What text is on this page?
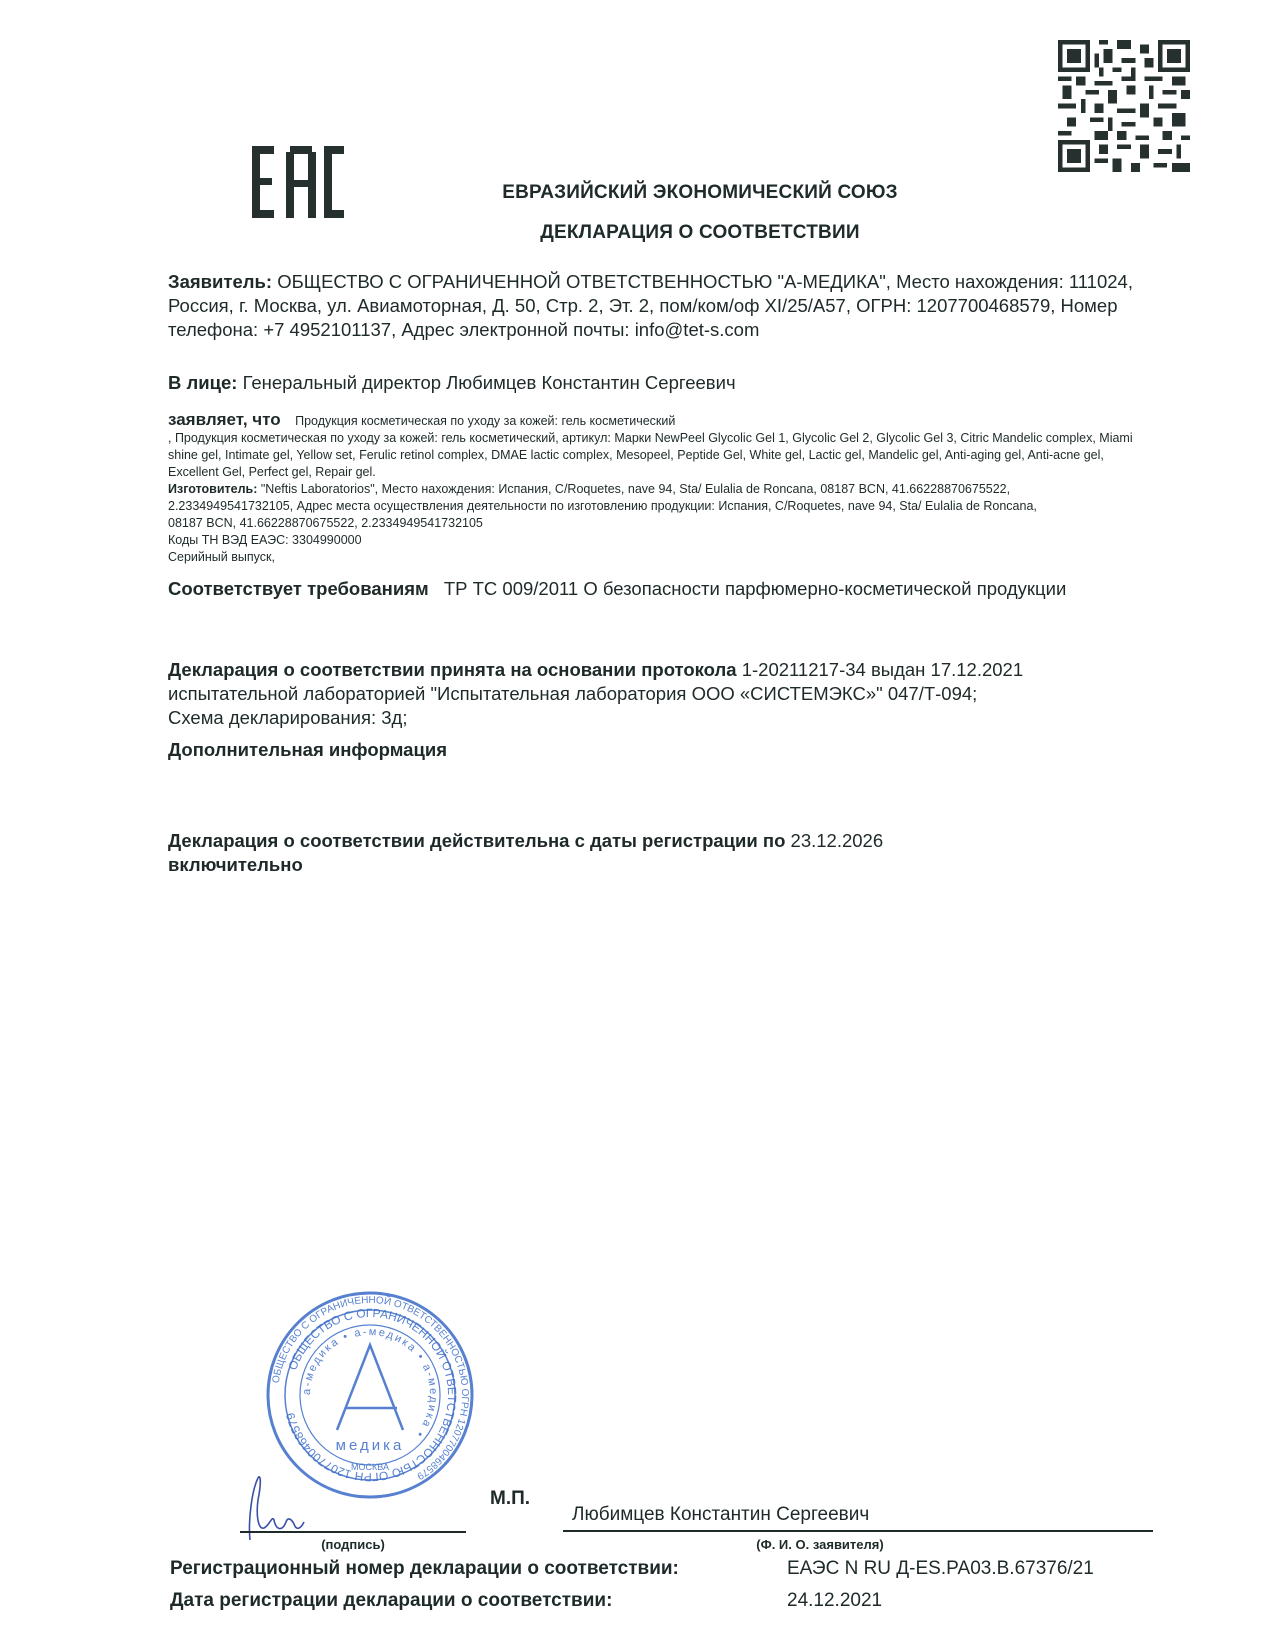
ЕВРАЗИЙСКИЙ ЭКОНОМИЧЕСКИЙ СОЮЗ
ДЕКЛАРАЦИЯ О СООТВЕТСТВИИ
Заявитель: ОБЩЕСТВО С ОГРАНИЧЕННОЙ ОТВЕТСТВЕННОСТЬЮ "А-МЕДИКА", Место нахождения: 111024, Россия, г. Москва, ул. Авиамоторная, Д. 50, Стр. 2, Эт. 2, пом/ком/оф XI/25/А57, ОГРН: 1207700468579, Номер телефона: +7 4952101137, Адрес электронной почты: info@tet-s.com
В лице: Генеральный директор Любимцев Константин Сергеевич
заявляет, что Продукция косметическая по уходу за кожей: гель косметический
, Продукция косметическая по уходу за кожей: гель косметический, артикул: Марки NewPeel Glycolic Gel 1, Glycolic Gel 2, Glycolic Gel 3, Citric Mandelic complex, Miami shine gel, Intimate gel, Yellow set, Ferulic retinol complex, DMAE lactic complex, Mesopeel, Peptide Gel, White gel, Lactic gel, Mandelic gel, Anti-aging gel, Anti-acne gel, Excellent Gel, Perfect gel, Repair gel.
Изготовитель: "Neftis Laboratorios", Место нахождения: Испания, C/Roquetes, nave 94, Sta/ Eulalia de Roncana, 08187 BCN, 41.66228870675522, 2.2334949541732105, Адрес места осуществления деятельности по изготовлению продукции: Испания, C/Roquetes, nave 94, Sta/ Eulalia de Roncana, 08187 BCN, 41.66228870675522, 2.2334949541732105
Коды ТН ВЭД ЕАЭС: 3304990000
Серийный выпуск,
Соответствует требованиям ТР ТС 009/2011 О безопасности парфюмерно-косметической продукции
Декларация о соответствии принята на основании протокола 1-20211217-34 выдан 17.12.2021 испытательной лабораторией "Испытательная лаборатория ООО «СИСТЕМЭКС»" 047/Т-094;
Схема декларирования: 3д;
Дополнительная информация
Декларация о соответствии действительна с даты регистрации по 23.12.2026
включительно
ОБЩЕСТВО С ОГРАНИЧЕННОЙ ОТВЕТСТВЕННОСТЬЮ ОГРН 1207700468579
ОБЩЕСТВО С ОГРАНИЧЕННОЙ ОТВЕТСТВЕННОСТЬЮ ОГРН 1207700468579
а-медика • а-медика • а-медика •
медика
МОСКВА
(подпись)
М.П.
Любимцев Константин Сергеевич
(Ф. И. О. заявителя)
Регистрационный номер декларации о соответствии:	ЕАЭС N RU Д-ES.РА03.В.67376/21
Дата регистрации декларации о соответствии:	24.12.2021
